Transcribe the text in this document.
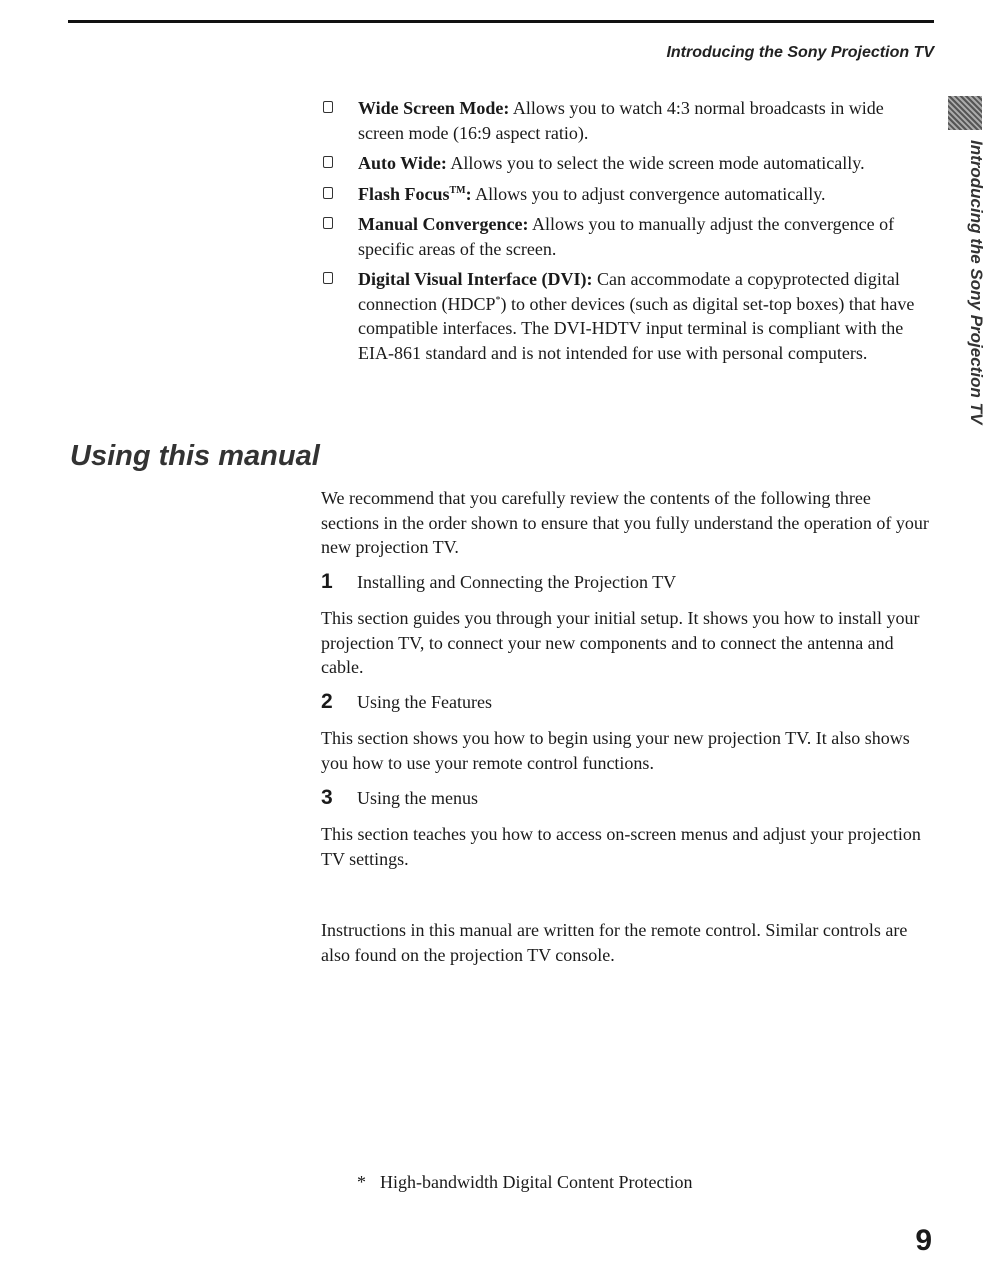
Introducing the Sony Projection TV
Introducing the Sony Projection TV
Wide Screen Mode: Allows you to watch 4:3 normal broadcasts in wide screen mode (16:9 aspect ratio).
Auto Wide: Allows you to select the wide screen mode automatically.
Flash Focus™: Allows you to adjust convergence automatically.
Manual Convergence: Allows you to manually adjust the convergence of specific areas of the screen.
Digital Visual Interface (DVI): Can accommodate a copyprotected digital connection (HDCP*) to other devices (such as digital set-top boxes) that have compatible interfaces. The DVI-HDTV input terminal is compliant with the EIA-861 standard and is not intended for use with personal computers.
Using this manual

We recommend that you carefully review the contents of the following three sections in the order shown to ensure that you fully understand the operation of your new projection TV.

1 Installing and Connecting the Projection TV

This section guides you through your initial setup. It shows you how to install your projection TV, to connect your new components and to connect the antenna and cable.

2 Using the Features

This section shows you how to begin using your new projection TV. It also shows you how to use your remote control functions.

3 Using the menus

This section teaches you how to access on-screen menus and adjust your projection TV settings.

Instructions in this manual are written for the remote control. Similar controls are also found on the projection TV console.

* High-bandwidth Digital Content Protection
9
